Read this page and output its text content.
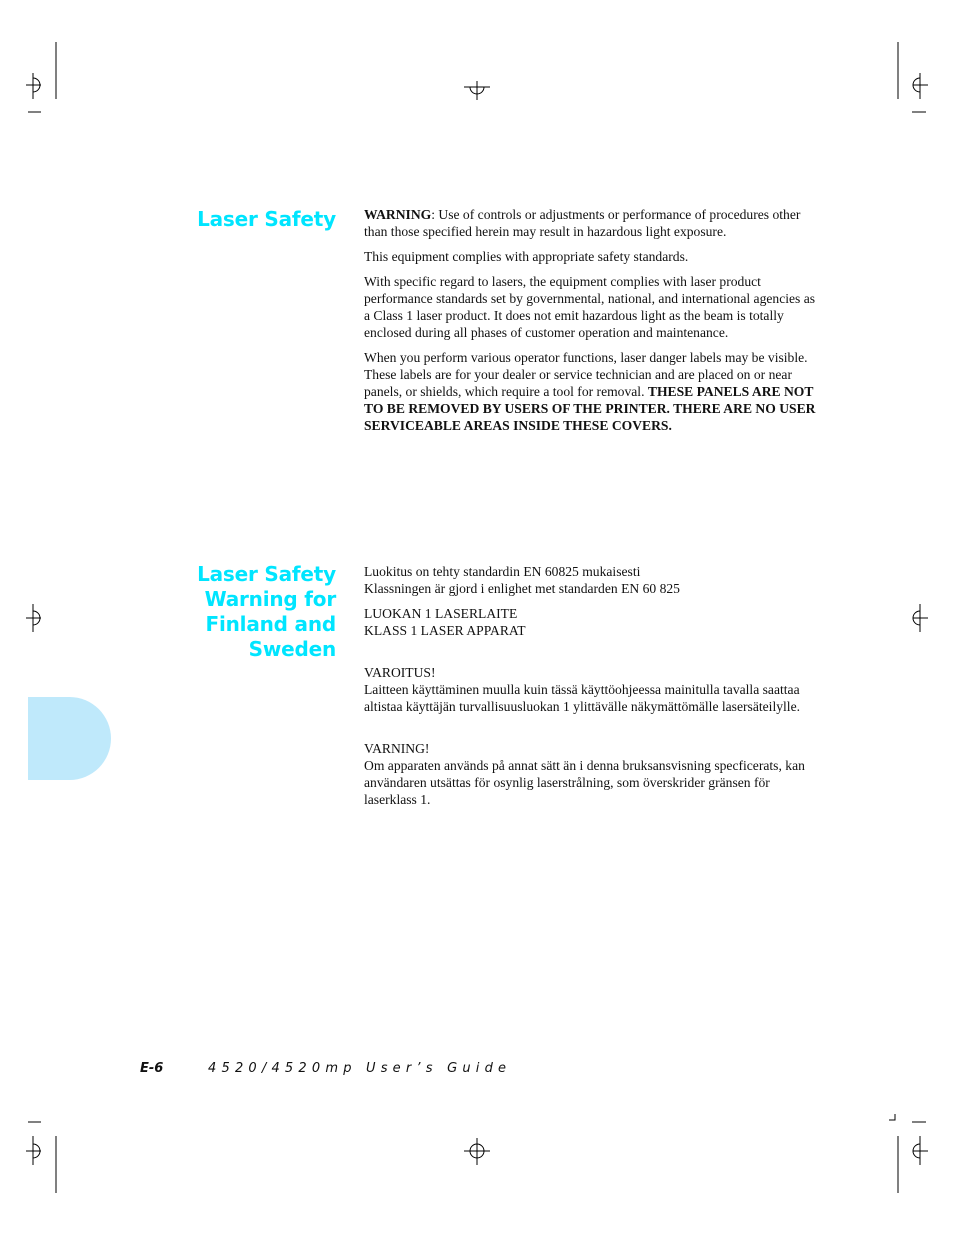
Laser Safety WARNING: Use of controls or adjustments or performance of procedures other than those specified herein may result in hazardous light exposure.

This equipment complies with appropriate safety standards.

With specific regard to lasers, the equipment complies with laser product performance standards set by governmental, national, and international agencies as a Class 1 laser product. It does not emit hazardous light as the beam is totally enclosed during all phases of customer operation and maintenance.

When you perform various operator functions, laser danger labels may be visible. These labels are for your dealer or service technician and are placed on or near panels, or shields, which require a tool for removal. THESE PANELS ARE NOT TO BE REMOVED BY USERS OF THE PRINTER. THERE ARE NO USER SERVICEABLE AREAS INSIDE THESE COVERS.

Laser Safety Warning for Finland and Sweden

Luokitus on tehty standardin EN 60825 mukaisesti
Klassningen är gjord i enlighet met standarden EN 60 825

LUOKAN 1 LASERLAITE
KLASS 1 LASER APPARAT

VAROITUS!
Laitteen käyttäminen muulla kuin tässä käyttöohjeessa mainitulla tavalla saattaa altistaa käyttäjän turvallisuusluokan 1 ylittävälle näkymättömälle lasersäteilylle.

VARNING!
Om apparaten används på annat sätt än i denna bruksansvisning specficerats, kan användaren utsättas för osynlig laserstrålning, som överskrider gränsen för laserklass 1.

E-6	4520/4520mp User’s Guide
